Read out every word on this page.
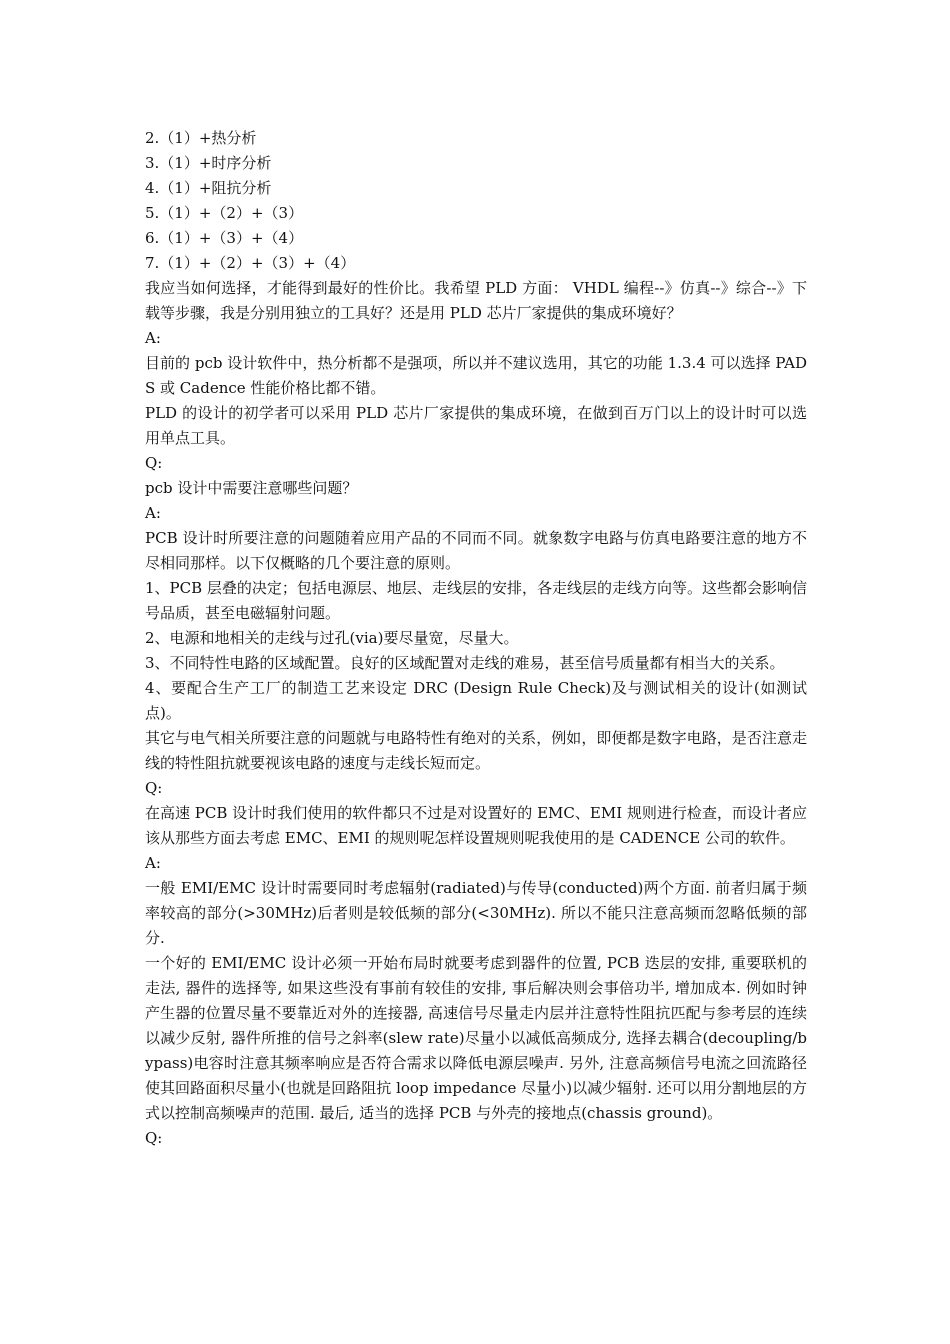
2.（1）+热分析

3.（1）+时序分析

4.（1）+阻抗分析

5.（1）+（2）+（3）

6.（1）+（3）+（4）

7.（1）+（2）+（3）+（4）

我应当如何选择，才能得到最好的性价比。我希望 PLD 方面： VHDL 编程--》仿真--》综合--》下载等步骤，我是分别用独立的工具好？还是用 PLD 芯片厂家提供的集成环境好？

A:

目前的 pcb 设计软件中，热分析都不是强项，所以并不建议选用，其它的功能 1.3.4 可以选择 PADS 或 Cadence 性能价格比都不错。

PLD 的设计的初学者可以采用 PLD 芯片厂家提供的集成环境，在做到百万门以上的设计时可以选用单点工具。

Q:

pcb 设计中需要注意哪些问题？

A:

PCB 设计时所要注意的问题随着应用产品的不同而不同。就象数字电路与仿真电路要注意的地方不尽相同那样。以下仅概略的几个要注意的原则。

1、PCB 层叠的决定；包括电源层、地层、走线层的安排，各走线层的走线方向等。这些都会影响信号品质，甚至电磁辐射问题。

2、电源和地相关的走线与过孔(via)要尽量宽，尽量大。

3、不同特性电路的区域配置。良好的区域配置对走线的难易，甚至信号质量都有相当大的关系。

4、要配合生产工厂的制造工艺来设定 DRC (Design Rule Check)及与测试相关的设计(如测试点)。

其它与电气相关所要注意的问题就与电路特性有绝对的关系，例如，即便都是数字电路，是否注意走线的特性阻抗就要视该电路的速度与走线长短而定。

Q:

在高速 PCB 设计时我们使用的软件都只不过是对设置好的 EMC、EMI 规则进行检查，而设计者应该从那些方面去考虑 EMC、EMI 的规则呢怎样设置规则呢我使用的是 CADENCE 公司的软件。

A:

一般 EMI/EMC 设计时需要同时考虑辐射(radiated)与传导(conducted)两个方面. 前者归属于频率较高的部分(>30MHz)后者则是较低频的部分(<30MHz). 所以不能只注意高频而忽略低频的部分.

一个好的 EMI/EMC 设计必须一开始布局时就要考虑到器件的位置, PCB 迭层的安排, 重要联机的走法, 器件的选择等, 如果这些没有事前有较佳的安排, 事后解决则会事倍功半, 增加成本. 例如时钟产生器的位置尽量不要靠近对外的连接器, 高速信号尽量走内层并注意特性阻抗匹配与参考层的连续以减少反射, 器件所推的信号之斜率(slew rate)尽量小以减低高频成分, 选择去耦合(decoupling/bypass)电容时注意其频率响应是否符合需求以降低电源层噪声. 另外, 注意高频信号电流之回流路径使其回路面积尽量小(也就是回路阻抗 loop impedance 尽量小)以减少辐射. 还可以用分割地层的方式以控制高频噪声的范围. 最后, 适当的选择 PCB 与外壳的接地点(chassis ground)。

Q:
